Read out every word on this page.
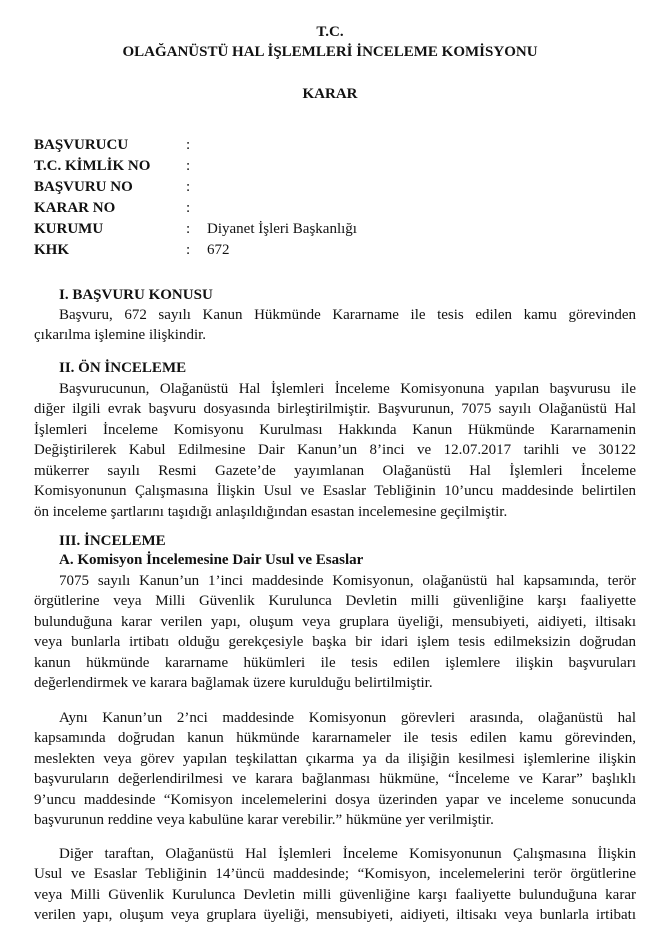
T.C.
OLAĞANÜSTÜ HAL İŞLEMLERİ İNCELEME KOMİSYONU
KARAR
BAŞVURUCU	:
T.C. KİMLİK NO :
BAŞVURU NO	:
KARAR NO	:
KURUMU	: Diyanet İşleri Başkanlığı
KHK	: 672
I. BAŞVURU KONUSU
Başvuru, 672 sayılı Kanun Hükmünde Kararname ile tesis edilen kamu görevinden
çıkarılma işlemine ilişkindir.
II. ÖN İNCELEME
Başvurucunun, Olağanüstü Hal İşlemleri İnceleme Komisyonuna yapılan başvurusu ile
diğer ilgili evrak başvuru dosyasında birleştirilmiştir. Başvurunun, 7075 sayılı Olağanüstü Hal
İşlemleri İnceleme Komisyonu Kurulması Hakkında Kanun Hükmünde Kararnamenin
Değiştirilerek Kabul Edilmesine Dair Kanun’un 8’inci ve 12.07.2017 tarihli ve 30122
mükerrer sayılı Resmi Gazete’de yayımlanan Olağanüstü Hal İşlemleri İnceleme
Komisyonunun Çalışmasına İlişkin Usul ve Esaslar Tebliğinin 10’uncu maddesinde belirtilen
ön inceleme şartlarını taşıdığı anlaşıldığından esastan incelemesine geçilmiştir.
III. İNCELEME
A. Komisyon İncelemesine Dair Usul ve Esaslar
7075 sayılı Kanun’un 1’inci maddesinde Komisyonun, olağanüstü hal kapsamında, terör
örgütlerine veya Milli Güvenlik Kurulunca Devletin milli güvenliğine karşı faaliyette
bulunduğuna karar verilen yapı, oluşum veya gruplara üyeliği, mensubiyeti, aidiyeti, iltisakı
veya bunlarla irtibatı olduğu gerekçesiyle başka bir idari işlem tesis edilmeksizin doğrudan
kanun hükmünde kararname hükümleri ile tesis edilen işlemlere ilişkin başvuruları
değerlendirmek ve karara bağlamak üzere kurulduğu belirtilmiştir.
Aynı Kanun’un 2’nci maddesinde Komisyonun görevleri arasında, olağanüstü hal
kapsamında doğrudan kanun hükmünde kararnameler ile tesis edilen kamu görevinden,
meslekten veya görev yapılan teşkilattan çıkarma ya da ilişiğin kesilmesi işlemlerine ilişkin
başvuruların değerlendirilmesi ve karara bağlanması hükmüne, “İnceleme ve Karar” başlıklı
9’uncu maddesinde “Komisyon incelemelerini dosya üzerinden yapar ve inceleme sonucunda
başvurunun reddine veya kabulüne karar verebilir.” hükmüne yer verilmiştir.
Diğer taraftan, Olağanüstü Hal İşlemleri İnceleme Komisyonunun Çalışmasına İlişkin
Usul ve Esaslar Tebliğinin 14’üncü maddesinde; “Komisyon, incelemelerini terör örgütlerine
veya Milli Güvenlik Kurulunca Devletin milli güvenliğine karşı faaliyette bulunduğuna karar
verilen yapı, oluşum veya gruplara üyeliği, mensubiyeti, aidiyeti, iltisakı veya bunlarla irtibatı
